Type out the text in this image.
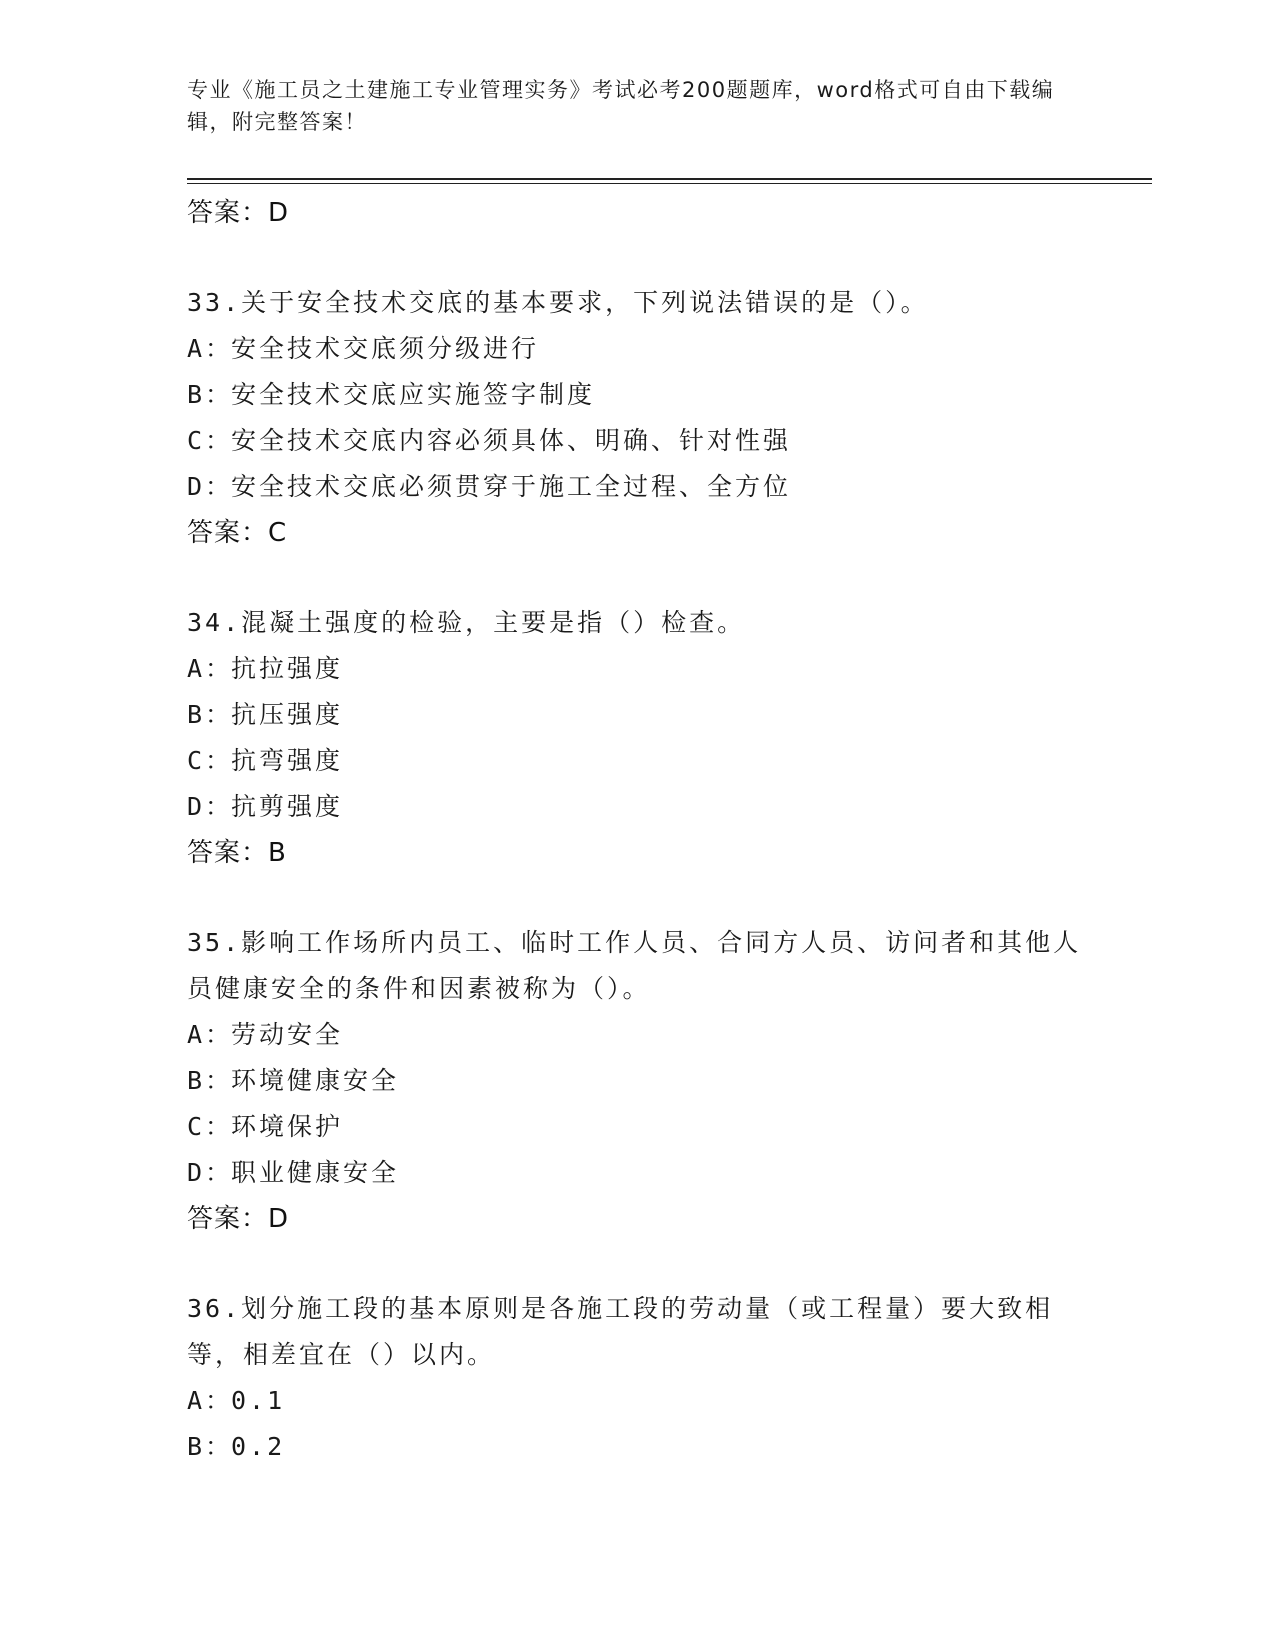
专业《施工员之土建施工专业管理实务》考试必考200题题库，word格式可自由下载编辑，附完整答案！
答案：D
33.关于安全技术交底的基本要求，下列说法错误的是（）。
A：安全技术交底须分级进行
B：安全技术交底应实施签字制度
C：安全技术交底内容必须具体、明确、针对性强
D：安全技术交底必须贯穿于施工全过程、全方位
答案：C
34.混凝土强度的检验，主要是指（）检查。
A：抗拉强度
B：抗压强度
C：抗弯强度
D：抗剪强度
答案：B
35.影响工作场所内员工、临时工作人员、合同方人员、访问者和其他人员健康安全的条件和因素被称为（）。
A：劳动安全
B：环境健康安全
C：环境保护
D：职业健康安全
答案：D
36.划分施工段的基本原则是各施工段的劳动量（或工程量）要大致相等，相差宜在（）以内。
A：0.1
B：0.2
